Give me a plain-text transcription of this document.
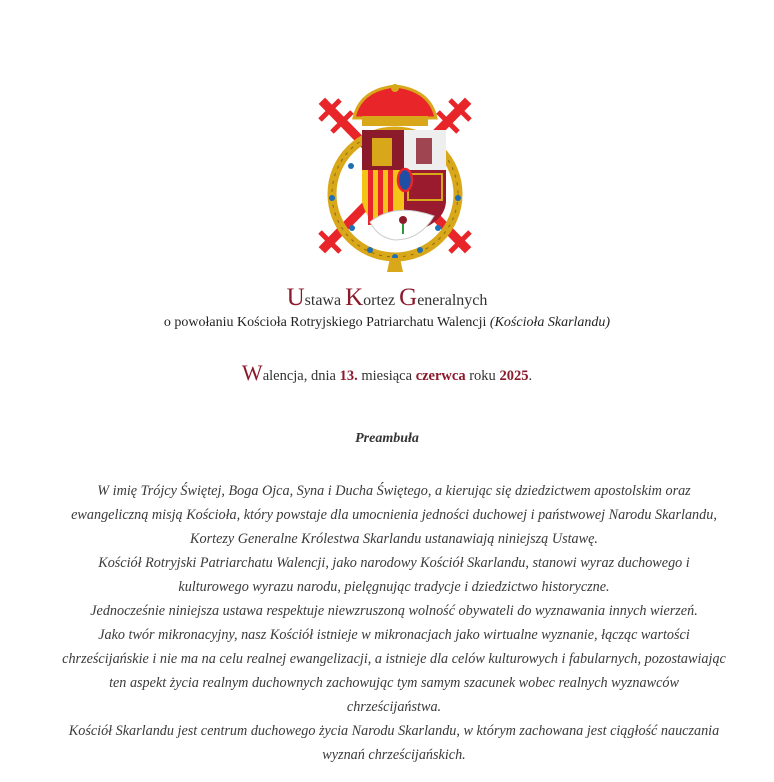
Ustawa Kortez Generalnych
o powołaniu Kościoła Rotryjskiego Patriarchatu Walencji (Kościoła Skarlandu)
Walencja, dnia 13. miesiąca czerwca roku 2025.
Preambuła

W imię Trójcy Świętej, Boga Ojca, Syna i Ducha Świętego, a kierując się dziedzictwem apostolskim oraz ewangeliczną misją Kościoła, który powstaje dla umocnienia jedności duchowej i państwowej Narodu Skarlandu, Kortezy Generalne Królestwa Skarlandu ustanawiają niniejszą Ustawę.

Kościół Rotryjski Patriarchatu Walencji, jako narodowy Kościół Skarlandu, stanowi wyraz duchowego i kulturowego wyrazu narodu, pielęgnując tradycje i dziedzictwo historyczne.

Jednocześnie niniejsza ustawa respektuje niewzruszoną wolność obywateli do wyznawania innych wierzeń.

Jako twór mikronacyjny, nasz Kościół istnieje w mikronacjach jako wirtualne wyznanie, łącząc wartości chrześcijańskie i nie ma na celu realnej ewangelizacji, a istnieje dla celów kulturowych i fabularnych, pozostawiając ten aspekt życia realnym duchownych zachowując tym samym szacunek wobec realnych wyznawców chrześcijaństwa.

Kościół Skarlandu jest centrum duchowego życia Narodu Skarlandu, w którym zachowana jest ciągłość nauczania wyznań chrześcijańskich.
